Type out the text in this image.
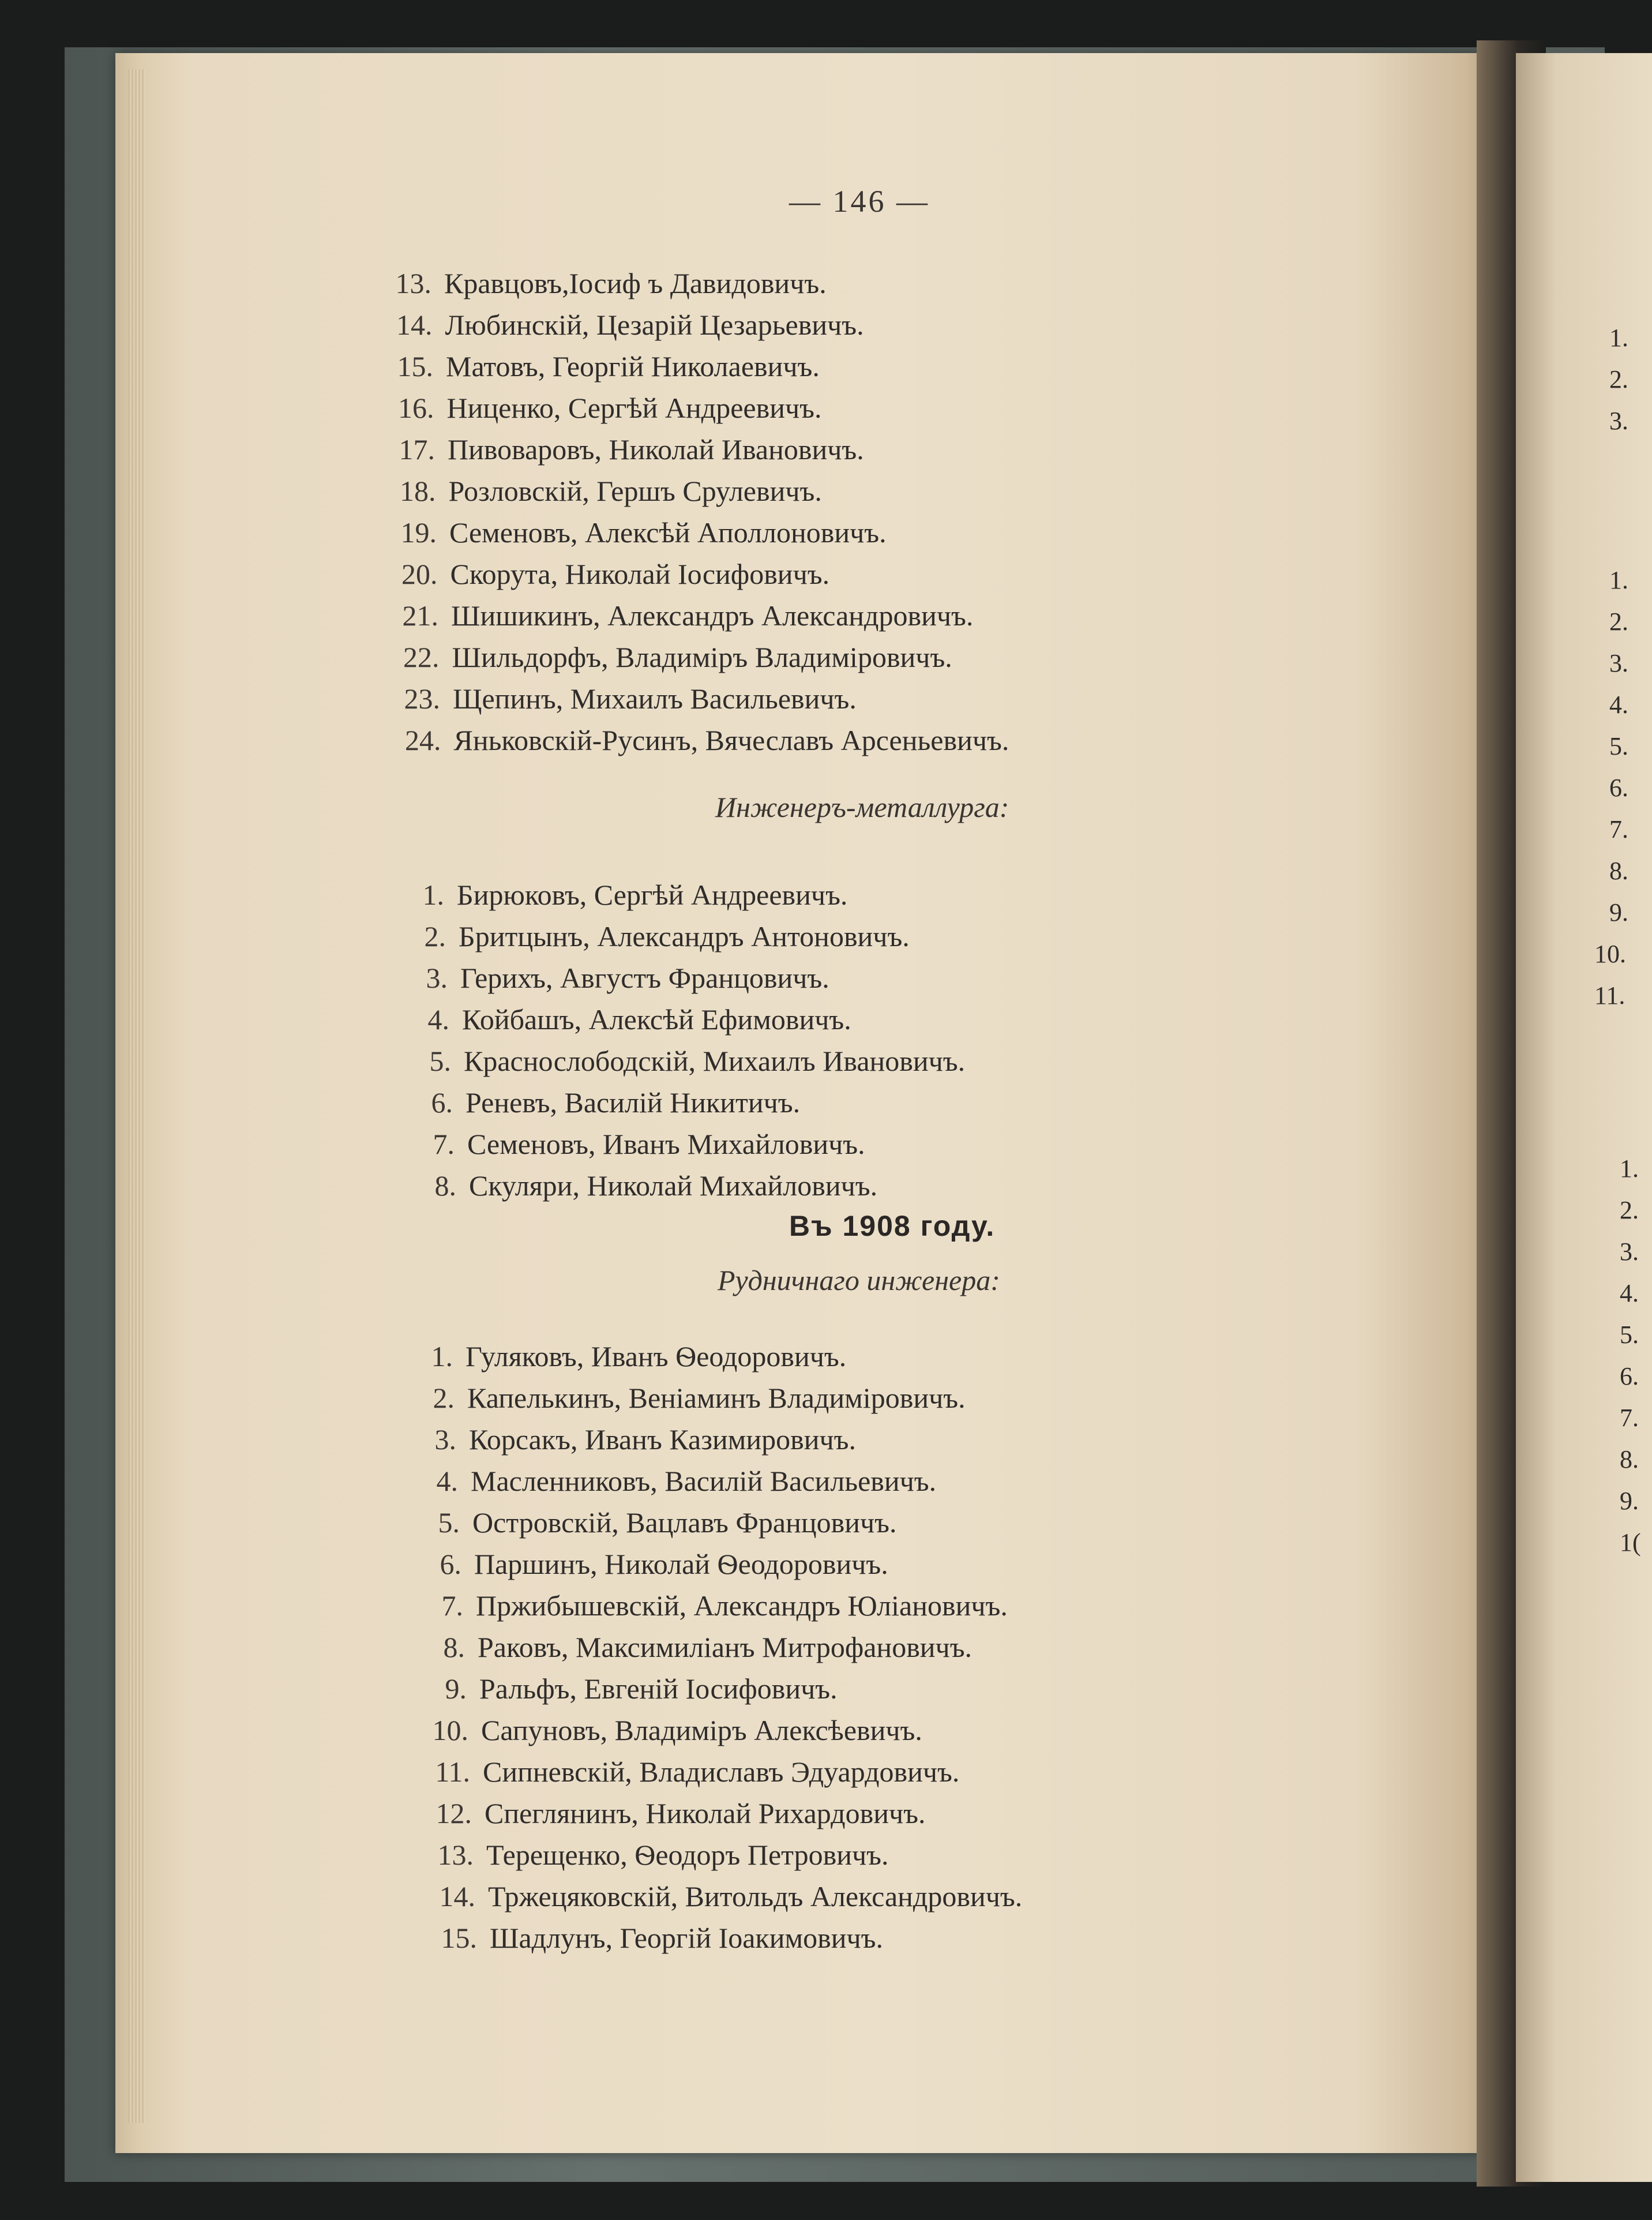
— 146 —
13. Кравцовъ,Іосиф ъ Давидовичъ.
14. Любинскій, Цезарій Цезарьевичъ.
15. Матовъ, Георгій Николаевичъ.
16. Ниценко, Сергѣй Андреевичъ.
17. Пивоваровъ, Николай Ивановичъ.
18. Розловскій, Гершъ Срулевичъ.
19. Семеновъ, Алексѣй Аполлоновичъ.
20. Скорута, Николай Іосифовичъ.
21. Шишикинъ, Александръ Александровичъ.
22. Шильдорфъ, Владиміръ Владиміровичъ.
23. Щепинъ, Михаилъ Васильевичъ.
24. Яньковскій-Русинъ, Вячеславъ Арсеньевичъ.
Инженеръ-металлурга:
1. Бирюковъ, Сергѣй Андреевичъ.
2. Бритцынъ, Александръ Антоновичъ.
3. Герихъ, Августъ Францовичъ.
4. Койбашъ, Алексѣй Ефимовичъ.
5. Краснослободскій, Михаилъ Ивановичъ.
6. Реневъ, Василій Никитичъ.
7. Семеновъ, Иванъ Михайловичъ.
8. Скуляри, Николай Михайловичъ.
Въ 1908 году.
Рудничнаго инженера:
1. Гуляковъ, Иванъ Ѳеодоровичъ.
2. Капелькинъ, Веніаминъ Владиміровичъ.
3. Корсакъ, Иванъ Казимировичъ.
4. Масленниковъ, Василій Васильевичъ.
5. Островскій, Вацлавъ Францовичъ.
6. Паршинъ, Николай Ѳеодоровичъ.
7. Пржибышевскій, Александръ Юліановичъ.
8. Раковъ, Максимиліанъ Митрофановичъ.
9. Ральфъ, Евгеній Іосифовичъ.
10. Сапуновъ, Владиміръ Алексѣевичъ.
11. Сипневскій, Владиславъ Эдуардовичъ.
12. Спеглянинъ, Николай Рихардовичъ.
13. Терещенко, Ѳеодоръ Петровичъ.
14. Тржецяковскій, Витольдъ Александровичъ.
15. Шадлунъ, Георгій Іоакимовичъ.
1.
2.
3.
1.
2.
3.
4.
5.
6.
7.
8.
9.
10.
11.
1.
2.
3.
4.
5.
6.
7.
8.
9.
1(
